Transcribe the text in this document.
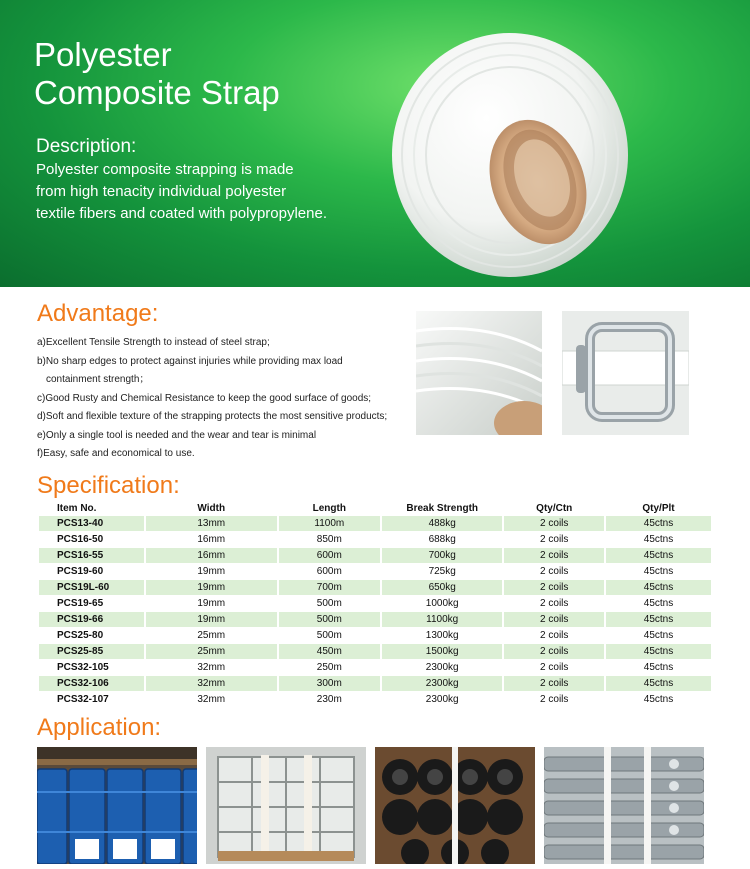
Polyester
Composite Strap
Description:
Polyester composite strapping is made
from high tenacity individual polyester
textile fibers and coated with polypropylene.
Advantage:
a)Excellent Tensile Strength to instead of steel strap;
b)No sharp edges to protect against injuries while providing max load
containment strength；
c)Good Rusty and Chemical Resistance to keep the good surface of goods;
d)Soft and flexible texture of the strapping protects the most sensitive products;
e)Only a single tool is needed and the wear and tear is minimal
f)Easy, safe and economical to use.
Specification:
Item No.	Width	Length	Break Strength	Qty/Ctn	Qty/Plt
PCS13-40	13mm	1100m	488kg	2 coils	45ctns
PCS16-50	16mm	850m	688kg	2 coils	45ctns
PCS16-55	16mm	600m	700kg	2 coils	45ctns
PCS19-60	19mm	600m	725kg	2 coils	45ctns
PCS19L-60	19mm	700m	650kg	2 coils	45ctns
PCS19-65	19mm	500m	1000kg	2 coils	45ctns
PCS19-66	19mm	500m	1100kg	2 coils	45ctns
PCS25-80	25mm	500m	1300kg	2 coils	45ctns
PCS25-85	25mm	450m	1500kg	2 coils	45ctns
PCS32-105	32mm	250m	2300kg	2 coils	45ctns
PCS32-106	32mm	300m	2300kg	2 coils	45ctns
PCS32-107	32mm	230m	2300kg	2 coils	45ctns
Application:
